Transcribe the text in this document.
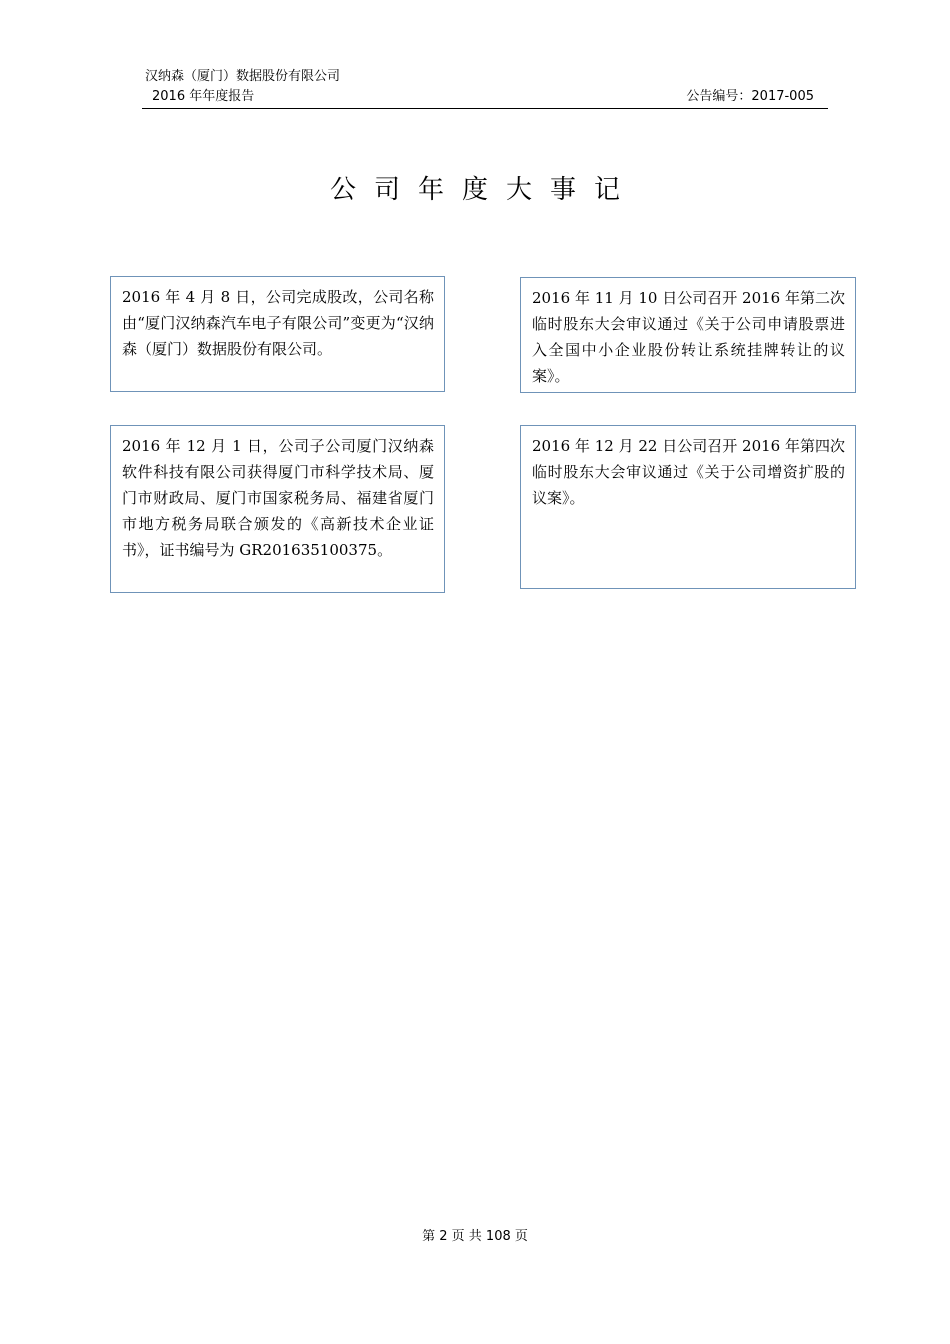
汉纳森（厦门）数据股份有限公司
2016 年年度报告	公告编号：2017-005
公司年度大事记
2016 年 4 月 8 日，公司完成股改，公司名称由“厦门汉纳森汽车电子有限公司”变更为“汉纳森（厦门）数据股份有限公司。
2016 年 11 月 10 日公司召开 2016 年第二次临时股东大会审议通过《关于公司申请股票进入全国中小企业股份转让系统挂牌转让的议案》。
2016 年 12 月 1 日，公司子公司厦门汉纳森软件科技有限公司获得厦门市科学技术局、厦门市财政局、厦门市国家税务局、福建省厦门市地方税务局联合颁发的《高新技术企业证书》，证书编号为 GR201635100375。
2016 年 12 月 22 日公司召开 2016 年第四次临时股东大会审议通过《关于公司增资扩股的议案》。
第 2 页 共 108 页
